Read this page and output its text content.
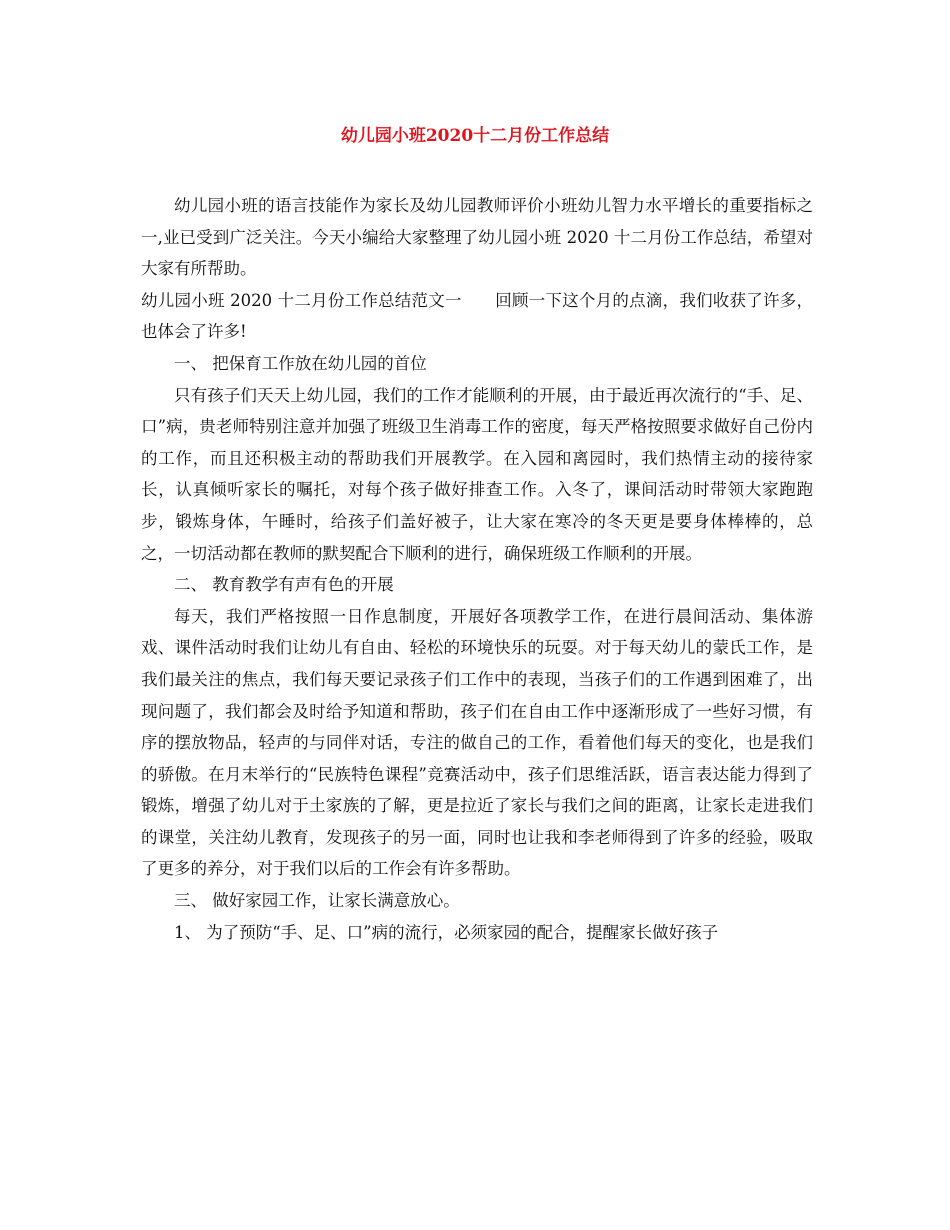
幼儿园小班2020十二月份工作总结

幼儿园小班的语言技能作为家长及幼儿园教师评价小班幼儿智力水平增长的重要指标之一,业已受到广泛关注。今天小编给大家整理了幼儿园小班 2020 十二月份工作总结，希望对大家有所帮助。

幼儿园小班 2020 十二月份工作总结范文一　　回顾一下这个月的点滴，我们收获了许多，也体会了许多!

一、 把保育工作放在幼儿园的首位

只有孩子们天天上幼儿园，我们的工作才能顺利的开展，由于最近再次流行的“手、足、口”病，贵老师特别注意并加强了班级卫生消毒工作的密度，每天严格按照要求做好自己份内的工作，而且还积极主动的帮助我们开展教学。在入园和离园时，我们热情主动的接待家长，认真倾听家长的嘱托，对每个孩子做好排查工作。入冬了，课间活动时带领大家跑跑步，锻炼身体，午睡时，给孩子们盖好被子，让大家在寒冷的冬天更是要身体棒棒的，总之，一切活动都在教师的默契配合下顺利的进行，确保班级工作顺利的开展。

二、 教育教学有声有色的开展

每天，我们严格按照一日作息制度，开展好各项教学工作，在进行晨间活动、集体游戏、课件活动时我们让幼儿有自由、轻松的环境快乐的玩耍。对于每天幼儿的蒙氏工作，是我们最关注的焦点，我们每天要记录孩子们工作中的表现，当孩子们的工作遇到困难了，出现问题了，我们都会及时给予知道和帮助，孩子们在自由工作中逐渐形成了一些好习惯，有序的摆放物品，轻声的与同伴对话，专注的做自己的工作，看着他们每天的变化，也是我们的骄傲。在月末举行的“民族特色课程”竞赛活动中，孩子们思维活跃，语言表达能力得到了锻炼，增强了幼儿对于土家族的了解，更是拉近了家长与我们之间的距离，让家长走进我们的课堂，关注幼儿教育，发现孩子的另一面，同时也让我和李老师得到了许多的经验，吸取了更多的养分，对于我们以后的工作会有许多帮助。

三、 做好家园工作，让家长满意放心。

1、 为了预防“手、足、口”病的流行，必须家园的配合，提醒家长做好孩子
